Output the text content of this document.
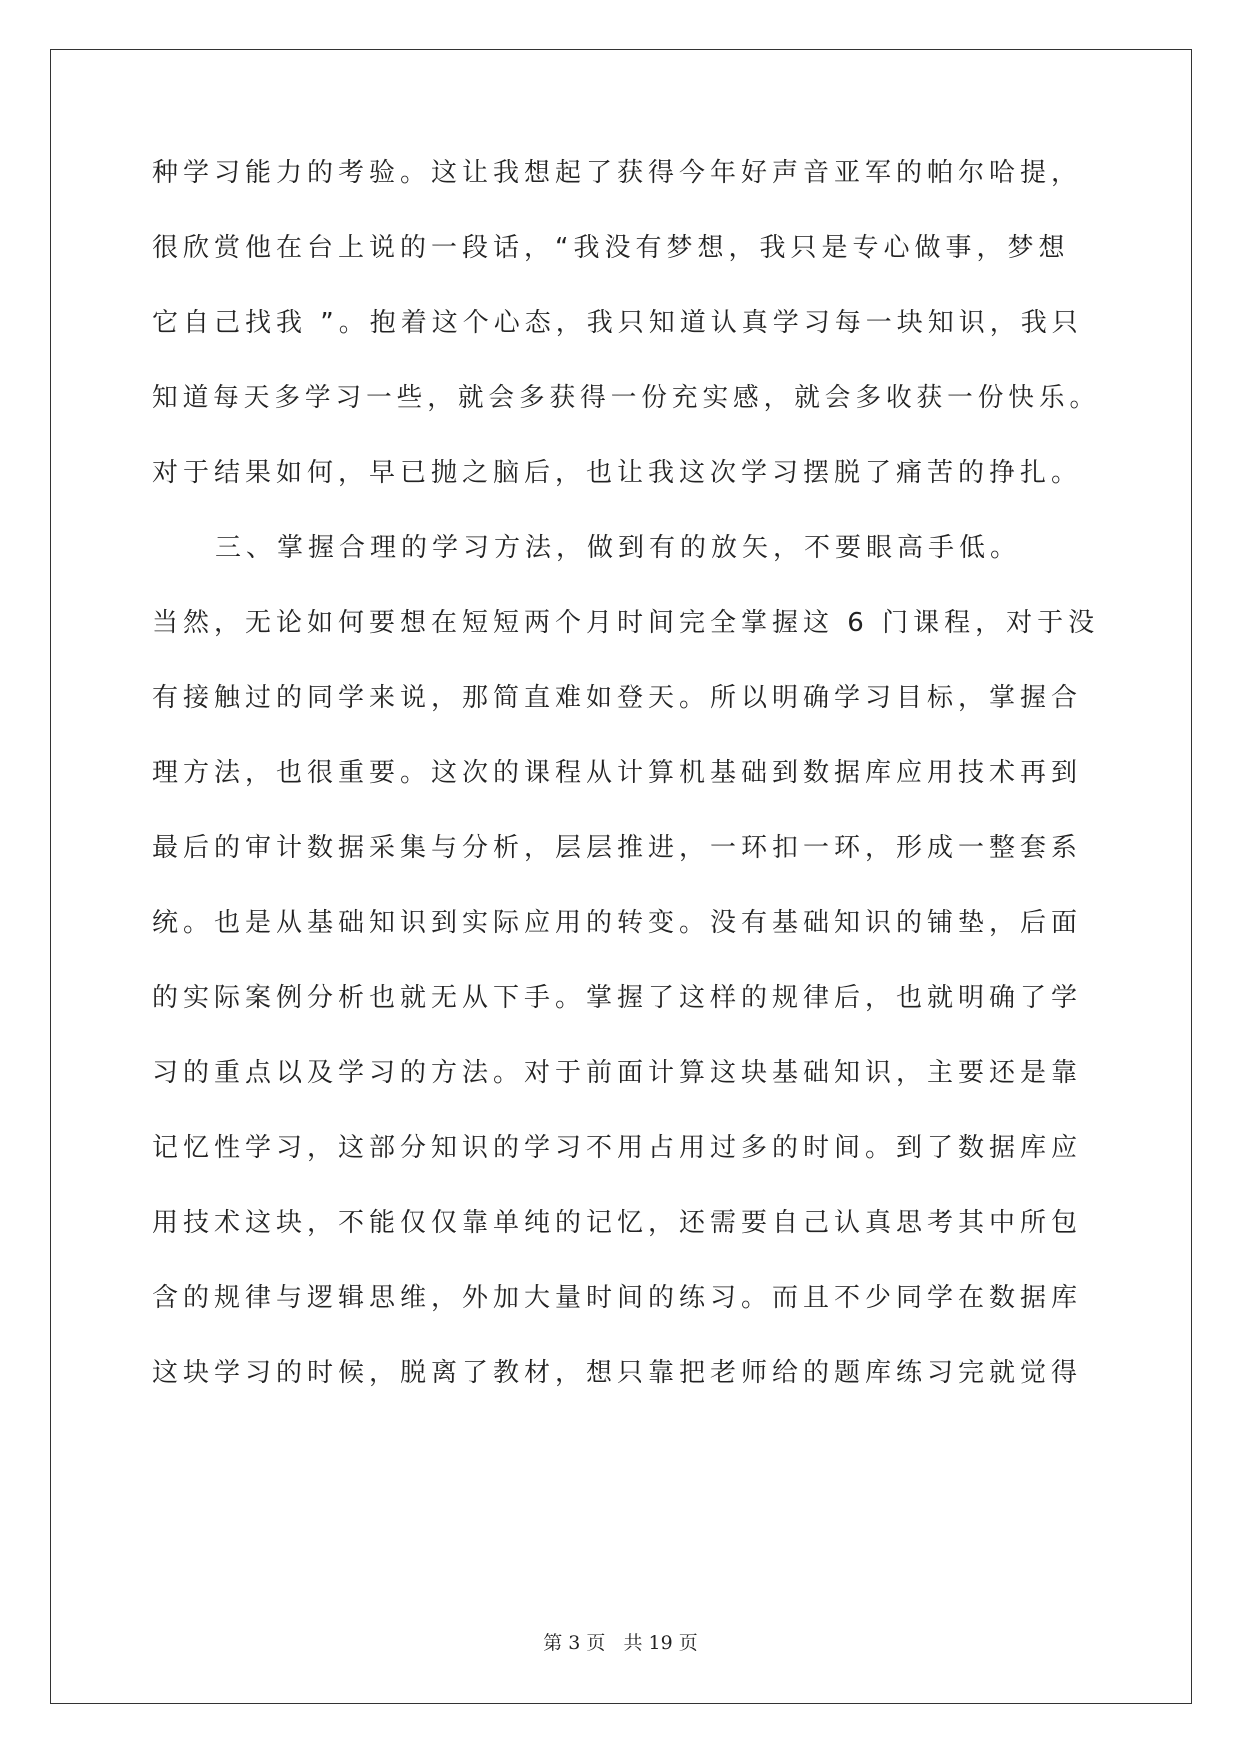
种学习能力的考验。这让我想起了获得今年好声音亚军的帕尔哈提，
很欣赏他在台上说的一段话，“我没有梦想，我只是专心做事，梦想
它自己找我 ”。抱着这个心态，我只知道认真学习每一块知识，我只
知道每天多学习一些，就会多获得一份充实感，就会多收获一份快乐。
对于结果如何，早已抛之脑后，也让我这次学习摆脱了痛苦的挣扎。
三、掌握合理的学习方法，做到有的放矢，不要眼高手低。
当然，无论如何要想在短短两个月时间完全掌握这 6 门课程，对于没
有接触过的同学来说，那简直难如登天。所以明确学习目标，掌握合
理方法，也很重要。这次的课程从计算机基础到数据库应用技术再到
最后的审计数据采集与分析，层层推进，一环扣一环，形成一整套系
统。也是从基础知识到实际应用的转变。没有基础知识的铺垫，后面
的实际案例分析也就无从下手。掌握了这样的规律后，也就明确了学
习的重点以及学习的方法。对于前面计算这块基础知识，主要还是靠
记忆性学习，这部分知识的学习不用占用过多的时间。到了数据库应
用技术这块，不能仅仅靠单纯的记忆，还需要自己认真思考其中所包
含的规律与逻辑思维，外加大量时间的练习。而且不少同学在数据库
这块学习的时候，脱离了教材，想只靠把老师给的题库练习完就觉得
第 3 页 共 19 页
